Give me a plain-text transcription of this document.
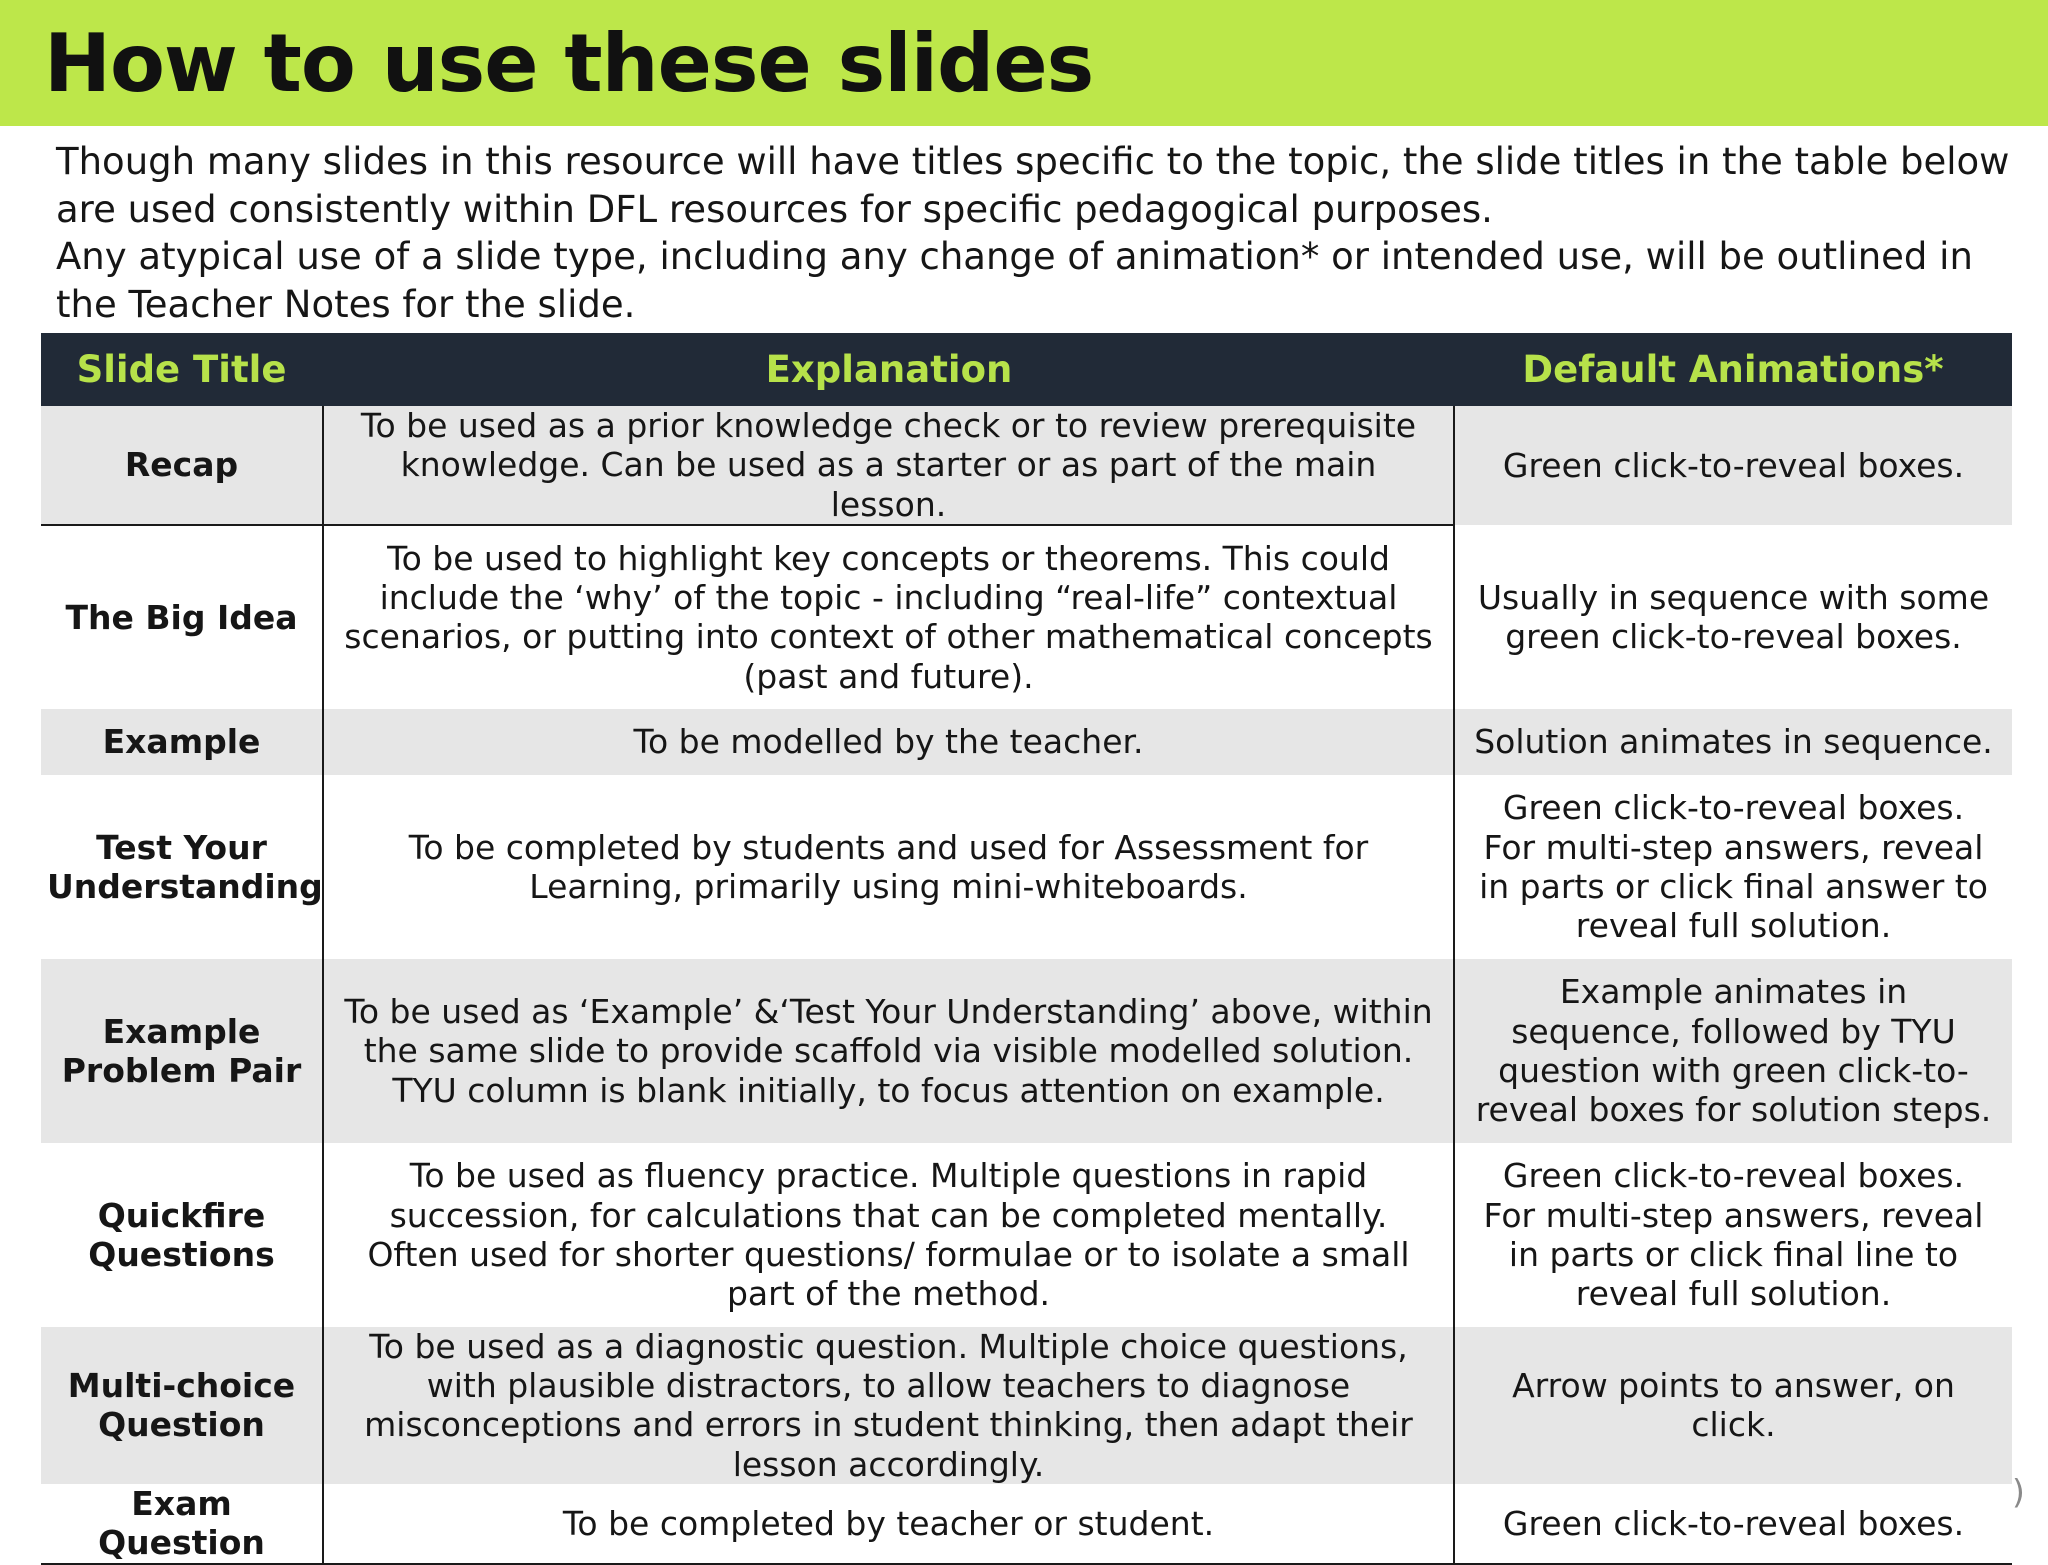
How to use these slides

Though many slides in this resource will have titles specific to the topic, the slide titles in the table below are used consistently within DFL resources for specific pedagogical purposes.

Any atypical use of a slide type, including any change of animation* or intended use, will be outlined in the Teacher Notes for the slide.

Slide Title	Explanation	Default Animations*
Recap	To be used as a prior knowledge check or to review prerequisite knowledge. Can be used as a starter or as part of the main lesson.	Green click-to-reveal boxes.
The Big Idea	To be used to highlight key concepts or theorems. This could include the ‘why’ of the topic - including “real-life” contextual scenarios, or putting into context of other mathematical concepts (past and future).	Usually in sequence with some green click-to-reveal boxes.
Example	To be modelled by the teacher.	Solution animates in sequence.
Test Your Understanding	To be completed by students and used for Assessment for Learning, primarily using mini-whiteboards.	Green click-to-reveal boxes. For multi-step answers, reveal in parts or click final answer to reveal full solution.
Example Problem Pair	To be used as ‘Example’ &‘Test Your Understanding’ above, within the same slide to provide scaffold via visible modelled solution. TYU column is blank initially, to focus attention on example.	Example animates in sequence, followed by TYU question with green click-to-reveal boxes for solution steps.
Quickfire Questions	To be used as fluency practice. Multiple questions in rapid succession, for calculations that can be completed mentally. Often used for shorter questions/ formulae or to isolate a small part of the method.	Green click-to-reveal boxes. For multi-step answers, reveal in parts or click final line to reveal full solution.
Multi-choice Question	To be used as a diagnostic question. Multiple choice questions, with plausible distractors, to allow teachers to diagnose misconceptions and errors in student thinking, then adapt their lesson accordingly.	Arrow points to answer, on click.
Exam Question	To be completed by teacher or student.	Green click-to-reveal boxes.
)
